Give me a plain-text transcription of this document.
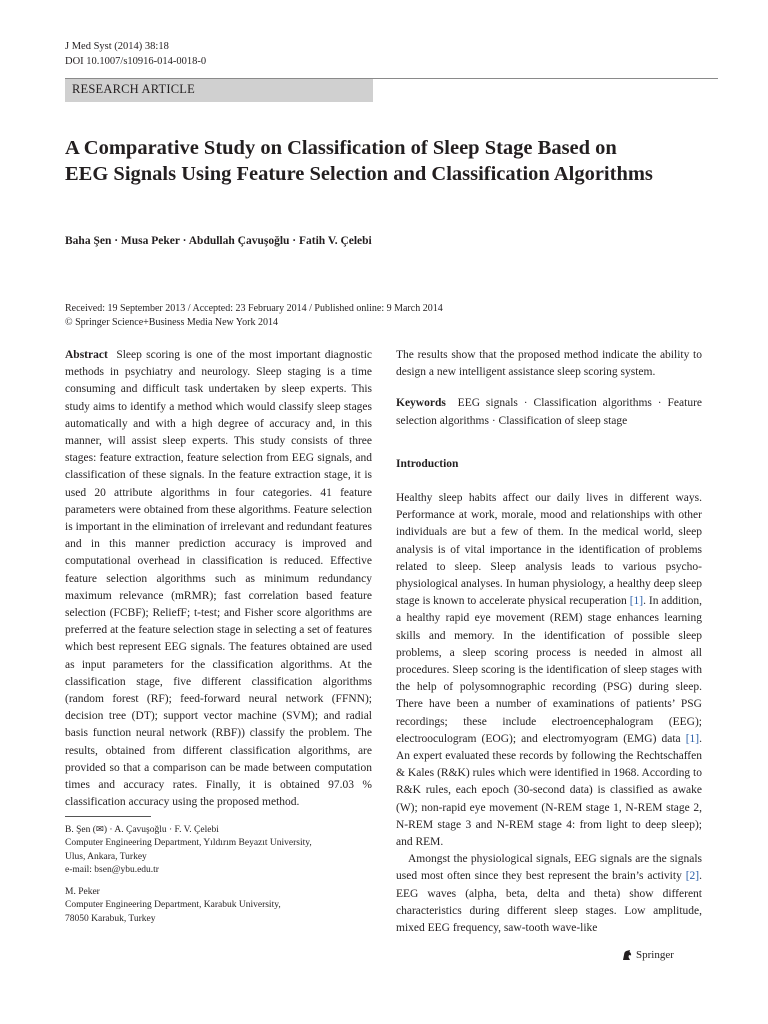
J Med Syst (2014) 38:18
DOI 10.1007/s10916-014-0018-0
RESEARCH ARTICLE
A Comparative Study on Classification of Sleep Stage Based on EEG Signals Using Feature Selection and Classification Algorithms
Baha Şen · Musa Peker · Abdullah Çavuşoğlu · Fatih V. Çelebi
Received: 19 September 2013 / Accepted: 23 February 2014 / Published online: 9 March 2014
© Springer Science+Business Media New York 2014

Abstract Sleep scoring is one of the most important diagnostic methods in psychiatry and neurology. Sleep staging is a time consuming and difficult task undertaken by sleep experts. This study aims to identify a method which would classify sleep stages automatically and with a high degree of accuracy and, in this manner, will assist sleep experts. This study consists of three stages: feature extraction, feature selection from EEG signals, and classification of these signals. In the feature extraction stage, it is used 20 attribute algorithms in four categories. 41 feature parameters were obtained from these algorithms. Feature selection is important in the elimination of irrelevant and redundant features and in this manner prediction accuracy is improved and computational overhead in classification is reduced. Effective feature selection algorithms such as minimum redundancy maximum relevance (mRMR); fast correlation based feature selection (FCBF); ReliefF; t-test; and Fisher score algorithms are preferred at the feature selection stage in selecting a set of features which best represent EEG signals. The features obtained are used as input parameters for the classification algorithms. At the classification stage, five different classification algorithms (random forest (RF); feed-forward neural network (FFNN); decision tree (DT); support vector machine (SVM); and radial basis function neural network (RBF)) classify the problem. The results, obtained from different classification algorithms, are provided so that a comparison can be made between computation times and accuracy rates. Finally, it is obtained 97.03 % classification accuracy using the proposed method.

The results show that the proposed method indicate the ability to design a new intelligent assistance sleep scoring system.

Keywords EEG signals · Classification algorithms · Feature selection algorithms · Classification of sleep stage

Introduction

Healthy sleep habits affect our daily lives in different ways. Performance at work, morale, mood and relationships with other individuals are but a few of them. In the medical world, sleep analysis is of vital importance in the identification of problems related to sleep. Sleep analysis leads to various psycho-physiological analyses. In human physiology, a healthy deep sleep stage is known to accelerate physical recuperation [1]. In addition, a healthy rapid eye movement (REM) stage enhances learning skills and memory. In the identification of possible sleep problems, a sleep scoring process is needed in almost all procedures. Sleep scoring is the identification of sleep stages with the help of polysomnographic recording (PSG) during sleep. There have been a number of examinations of patients’ PSG recordings; these include electroencephalogram (EEG); electrooculogram (EOG); and electromyogram (EMG) data [1]. An expert evaluated these records by following the Rechtschaffen & Kales (R&K) rules which were identified in 1968. According to R&K rules, each epoch (30-second data) is classified as awake (W); non-rapid eye movement (N-REM stage 1, N-REM stage 2, N-REM stage 3 and N-REM stage 4: from light to deep sleep); and REM.

Amongst the physiological signals, EEG signals are the signals used most often since they best represent the brain’s activity [2]. EEG waves (alpha, beta, delta and theta) show different characteristics during different sleep stages. Low amplitude, mixed EEG frequency, saw-tooth wave-like

B. Şen (✉) · A. Çavuşoğlu · F. V. Çelebi
Computer Engineering Department, Yıldırım Beyazıt University,
Ulus, Ankara, Turkey
e-mail: bsen@ybu.edu.tr
M. Peker
Computer Engineering Department, Karabuk University,
78050 Karabuk, Turkey
Springer
